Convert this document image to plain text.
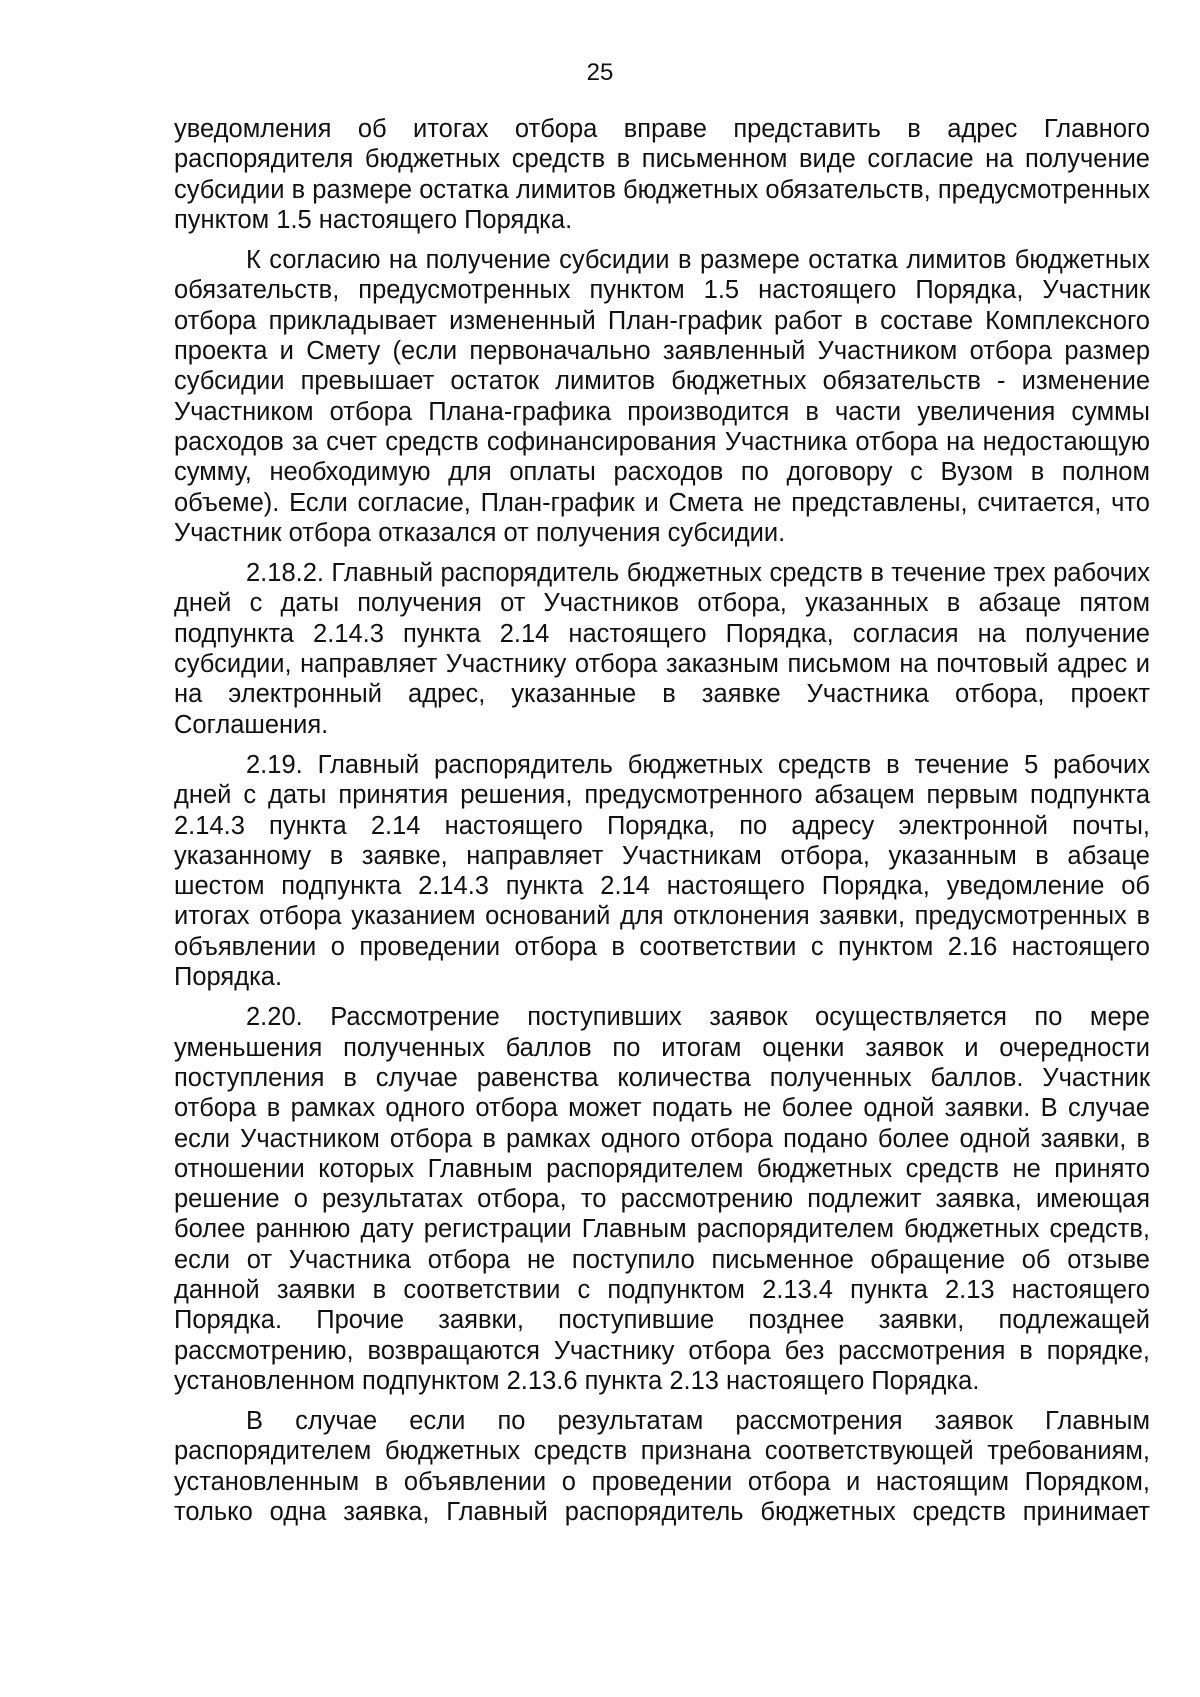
25

уведомления об итогах отбора вправе представить в адрес Главного распорядителя бюджетных средств в письменном виде согласие на получение субсидии в размере остатка лимитов бюджетных обязательств, предусмотренных пунктом 1.5 настоящего Порядка.

К согласию на получение субсидии в размере остатка лимитов бюджетных обязательств, предусмотренных пунктом 1.5 настоящего Порядка, Участник отбора прикладывает измененный План-график работ в составе Комплексного проекта и Смету (если первоначально заявленный Участником отбора размер субсидии превышает остаток лимитов бюджетных обязательств - изменение Участником отбора Плана-графика производится в части увеличения суммы расходов за счет средств софинансирования Участника отбора на недостающую сумму, необходимую для оплаты расходов по договору с Вузом в полном объеме). Если согласие, План-график и Смета не представлены, считается, что Участник отбора отказался от получения субсидии.

2.18.2. Главный распорядитель бюджетных средств в течение трех рабочих дней с даты получения от Участников отбора, указанных в абзаце пятом подпункта 2.14.3 пункта 2.14 настоящего Порядка, согласия на получение субсидии, направляет Участнику отбора заказным письмом на почтовый адрес и на электронный адрес, указанные в заявке Участника отбора, проект Соглашения.

2.19. Главный распорядитель бюджетных средств в течение 5 рабочих дней с даты принятия решения, предусмотренного абзацем первым подпункта 2.14.3 пункта 2.14 настоящего Порядка, по адресу электронной почты, указанному в заявке, направляет Участникам отбора, указанным в абзаце шестом подпункта 2.14.3 пункта 2.14 настоящего Порядка, уведомление об итогах отбора указанием оснований для отклонения заявки, предусмотренных в объявлении о проведении отбора в соответствии с пунктом 2.16 настоящего Порядка.

2.20. Рассмотрение поступивших заявок осуществляется по мере уменьшения полученных баллов по итогам оценки заявок и очередности поступления в случае равенства количества полученных баллов. Участник отбора в рамках одного отбора может подать не более одной заявки. В случае если Участником отбора в рамках одного отбора подано более одной заявки, в отношении которых Главным распорядителем бюджетных средств не принято решение о результатах отбора, то рассмотрению подлежит заявка, имеющая более раннюю дату регистрации Главным распорядителем бюджетных средств, если от Участника отбора не поступило письменное обращение об отзыве данной заявки в соответствии с подпунктом 2.13.4 пункта 2.13 настоящего Порядка. Прочие заявки, поступившие позднее заявки, подлежащей рассмотрению, возвращаются Участнику отбора без рассмотрения в порядке, установленном подпунктом 2.13.6 пункта 2.13 настоящего Порядка.

В случае если по результатам рассмотрения заявок Главным распорядителем бюджетных средств признана соответствующей требованиям, установленным в объявлении о проведении отбора и настоящим Порядком, только одна заявка, Главный распорядитель бюджетных средств принимает
